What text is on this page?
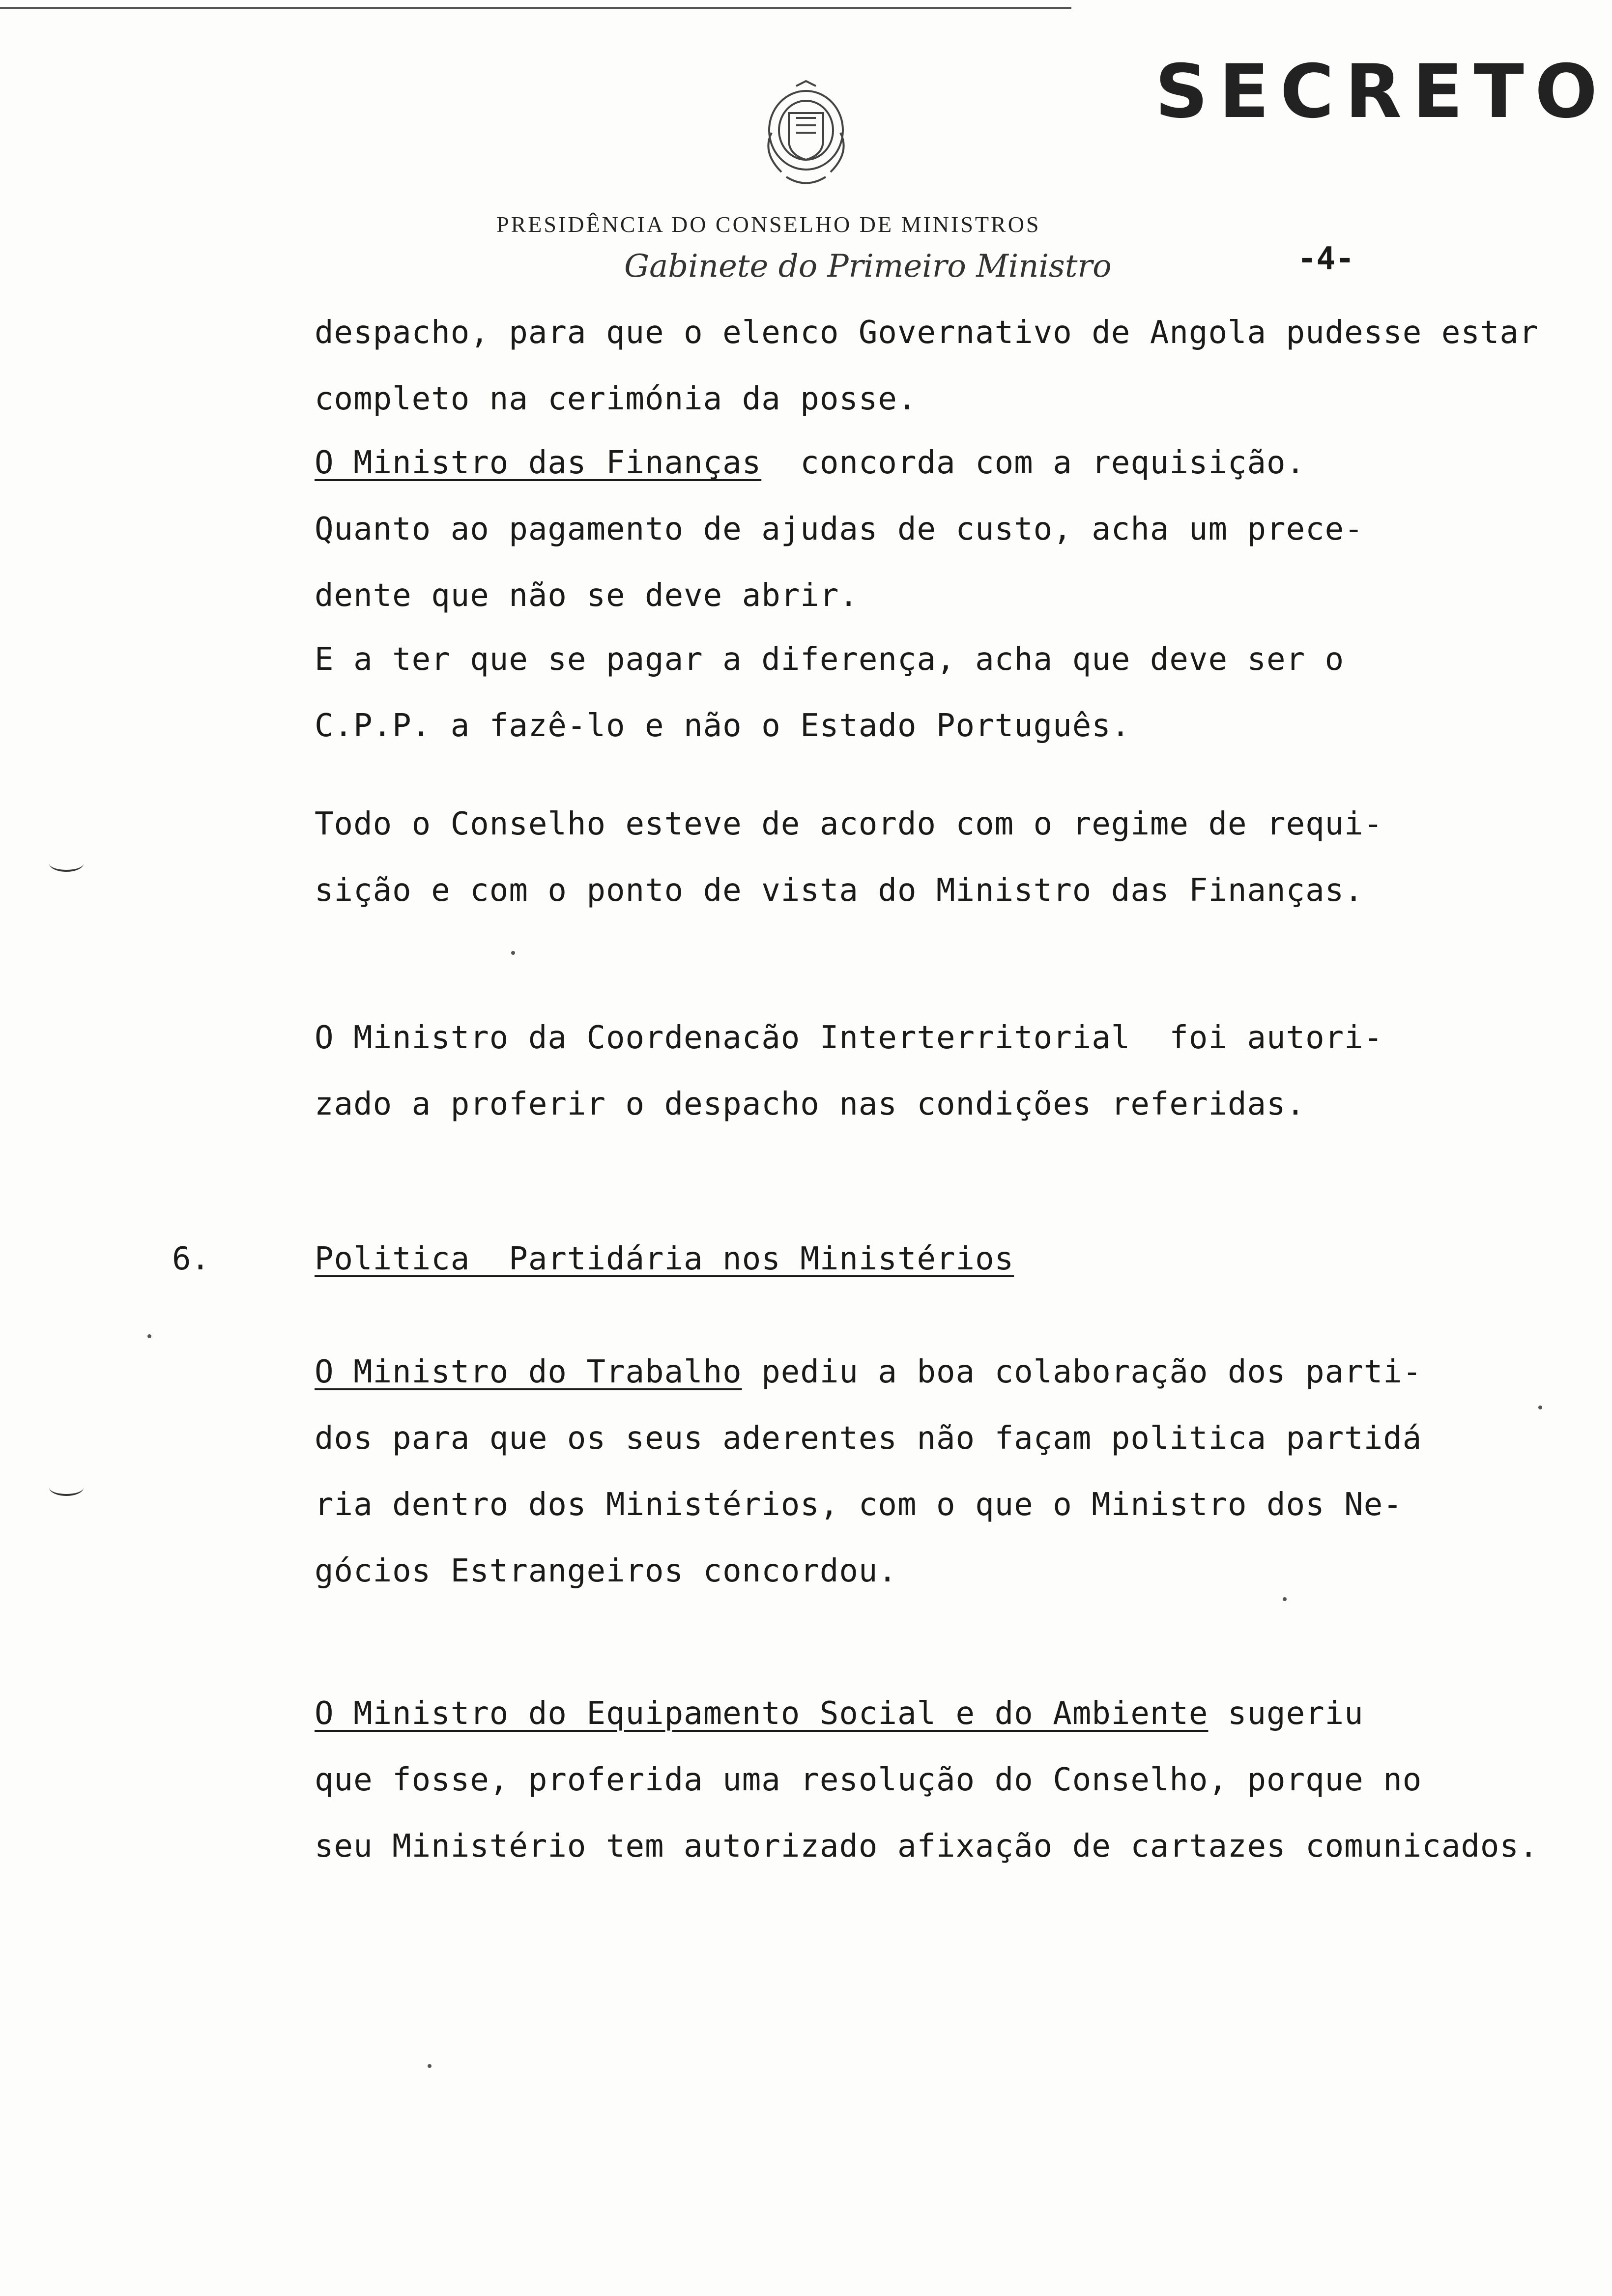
SECRETO
PRESIDÊNCIA DO CONSELHO DE MINISTROS
Gabinete do Primeiro Ministro	-4-
despacho, para que o elenco Governativo de Angola pudesse estar
completo na cerimónia da posse.
O Ministro das Finanças  concorda com a requisição.
Quanto ao pagamento de ajudas de custo, acha um prece-
dente que não se deve abrir.
E a ter que se pagar a diferença, acha que deve ser o
C.P.P. a fazê-lo e não o Estado Português.
Todo o Conselho esteve de acordo com o regime de requi-
sição e com o ponto de vista do Ministro das Finanças.
O Ministro da Coordenacão Interterritorial  foi autori-
zado a proferir o despacho nas condições referidas.
6.	Politica  Partidária nos Ministérios
O Ministro do Trabalho pediu a boa colaboração dos parti-
dos para que os seus aderentes não façam politica partidá
ria dentro dos Ministérios, com o que o Ministro dos Ne-
gócios Estrangeiros concordou.
O Ministro do Equipamento Social e do Ambiente sugeriu
que fosse, proferida uma resolução do Conselho, porque no
seu Ministério tem autorizado afixação de cartazes comunicados.
